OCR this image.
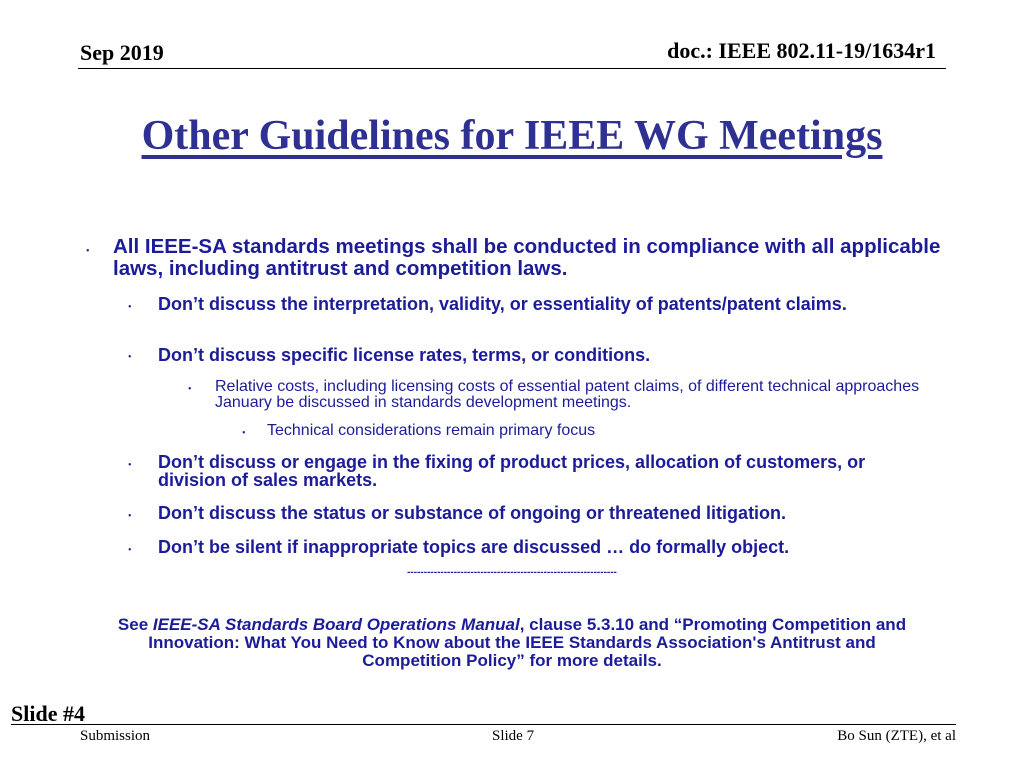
Sep 2019	doc.: IEEE 802.11-19/1634r1
Other Guidelines for IEEE WG Meetings
• All IEEE-SA standards meetings shall be conducted in compliance with all applicable laws, including antitrust and competition laws.
• Don’t discuss the interpretation, validity, or essentiality of patents/patent claims.
• Don’t discuss specific license rates, terms, or conditions.
• Relative costs, including licensing costs of essential patent claims, of different technical approaches January be discussed in standards development meetings.
• Technical considerations remain primary focus
• Don’t discuss or engage in the fixing of product prices, allocation of customers, or division of sales markets.
• Don’t discuss the status or substance of ongoing or threatened litigation.
• Don’t be silent if inappropriate topics are discussed … do formally object.
---------------------------------------------------------------
See IEEE-SA Standards Board Operations Manual, clause 5.3.10 and “Promoting Competition and Innovation: What You Need to Know about the IEEE Standards Association's Antitrust and Competition Policy” for more details.
Slide #4
Submission	Slide 7	Bo Sun (ZTE), et al
